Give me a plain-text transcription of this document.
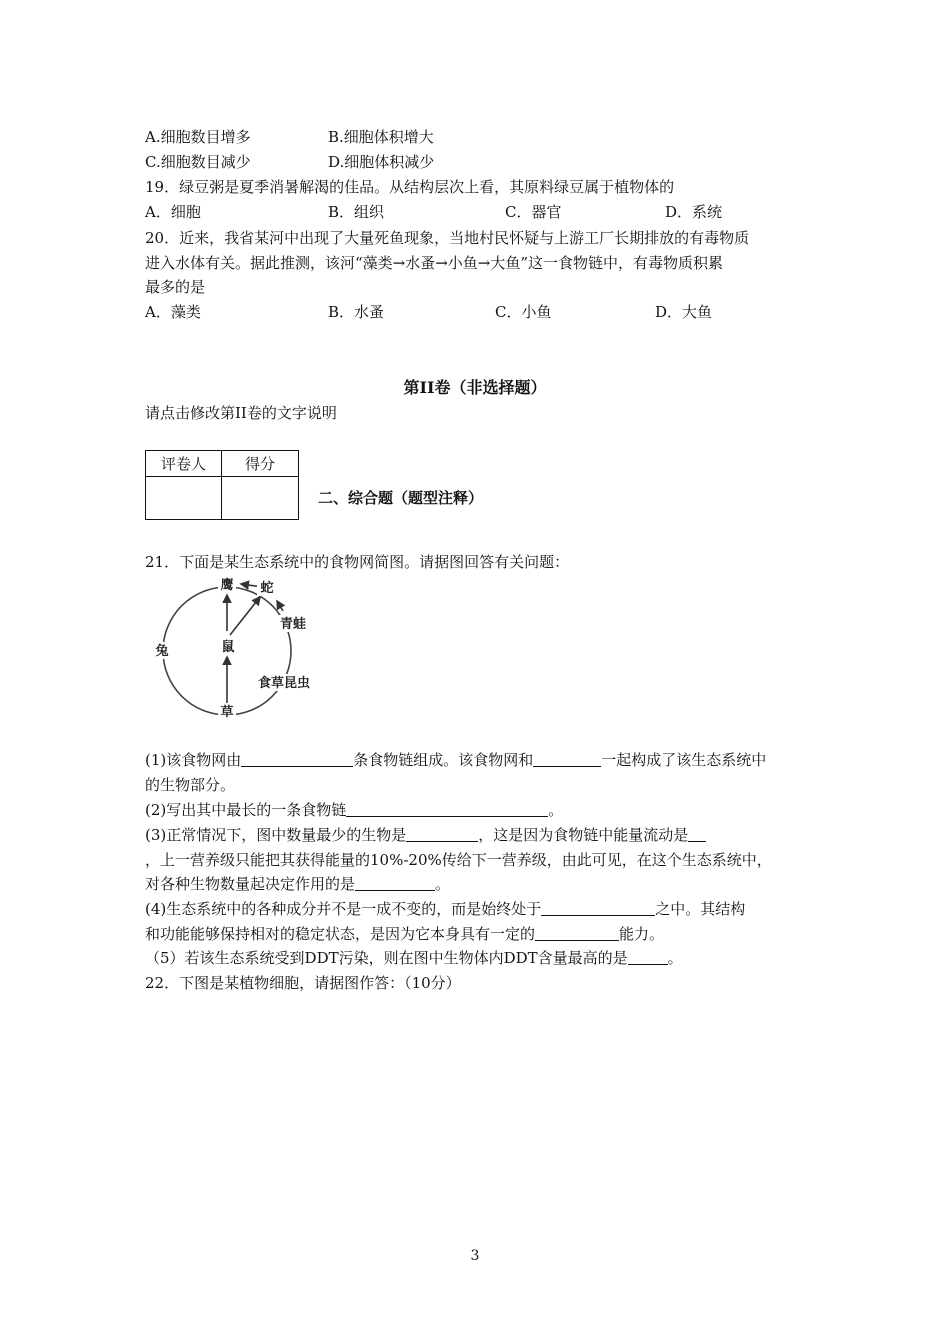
A.细胞数目增多	B.细胞体积增大
C.细胞数目减少	D.细胞体积减少
19．绿豆粥是夏季消暑解渴的佳品。从结构层次上看，其原料绿豆属于植物体的
A．细胞	B．组织	C．器官	D．系统
20．近来，我省某河中出现了大量死鱼现象，当地村民怀疑与上游工厂长期排放的有毒物质
进入水体有关。据此推测，该河“藻类→水蚤→小鱼→大鱼”这一食物链中，有毒物质积累
最多的是
A．藻类	B．水蚤	C．小鱼	D．大鱼
第II卷（非选择题）
请点击修改第II卷的文字说明
评卷人	得分

二、综合题（题型注释）
21．下面是某生态系统中的食物网简图。请据图回答有关问题：
鹰 蛇
青蛙
兔	鼠
食草昆虫
草
(1)该食物网由	条食物链组成。该食物网和	一起构成了该生态系统中
的生物部分。
(2)写出其中最长的一条食物链	。
(3)正常情况下，图中数量最少的生物是	，这是因为食物链中能量流动是
，上一营养级只能把其获得能量的10%-20%传给下一营养级，由此可见，在这个生态系统中，
对各种生物数量起决定作用的是	。
(4)生态系统中的各种成分并不是一成不变的，而是始终处于	之中。其结构
和功能能够保持相对的稳定状态，是因为它本身具有一定的	能力。
（5）若该生态系统受到DDT污染，则在图中生物体内DDT含量最高的是	。
22．下图是某植物细胞，请据图作答：（10分）
3
